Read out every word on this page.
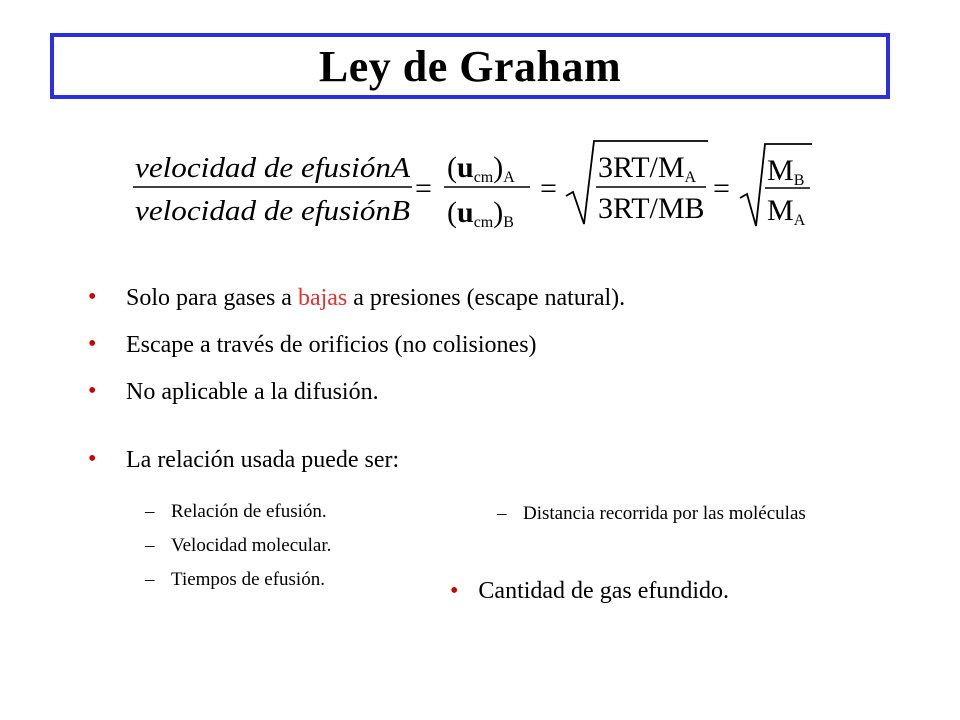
Ley de Graham
velocidad de efusiónA
velocidad de efusiónB
=
(ucm)A
(ucm)B
=
3RT/MA
3RT/MB
=
MB
MA
• Solo para gases a bajas a presiones (escape natural).
• Escape a través de orificios (no colisiones)
• No aplicable a la difusión.
• La relación usada puede ser:
– Relación de efusión.
– Velocidad molecular.
– Tiempos de efusión.
– Distancia recorrida por las moléculas
• Cantidad de gas efundido.
